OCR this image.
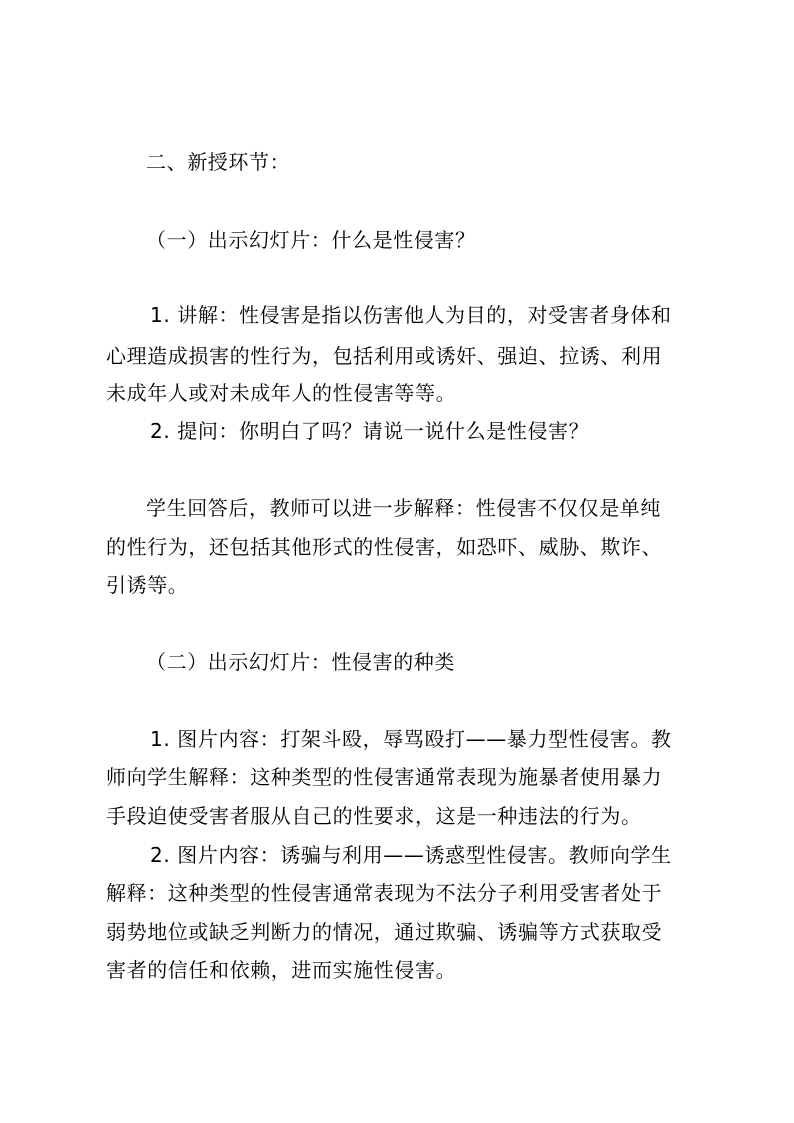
二、新授环节：
（一）出示幻灯片：什么是性侵害？
1. 讲解：性侵害是指以伤害他人为目的，对受害者身体和
心理造成损害的性行为，包括利用或诱奸、强迫、拉诱、利用
未成年人或对未成年人的性侵害等等。
2. 提问：你明白了吗？请说一说什么是性侵害？
学生回答后，教师可以进一步解释：性侵害不仅仅是单纯
的性行为，还包括其他形式的性侵害，如恐吓、威胁、欺诈、
引诱等。
（二）出示幻灯片：性侵害的种类
1. 图片内容：打架斗殴，辱骂殴打——暴力型性侵害。教
师向学生解释：这种类型的性侵害通常表现为施暴者使用暴力
手段迫使受害者服从自己的性要求，这是一种违法的行为。
2. 图片内容：诱骗与利用——诱惑型性侵害。教师向学生
解释：这种类型的性侵害通常表现为不法分子利用受害者处于
弱势地位或缺乏判断力的情况，通过欺骗、诱骗等方式获取受
害者的信任和依赖，进而实施性侵害。
